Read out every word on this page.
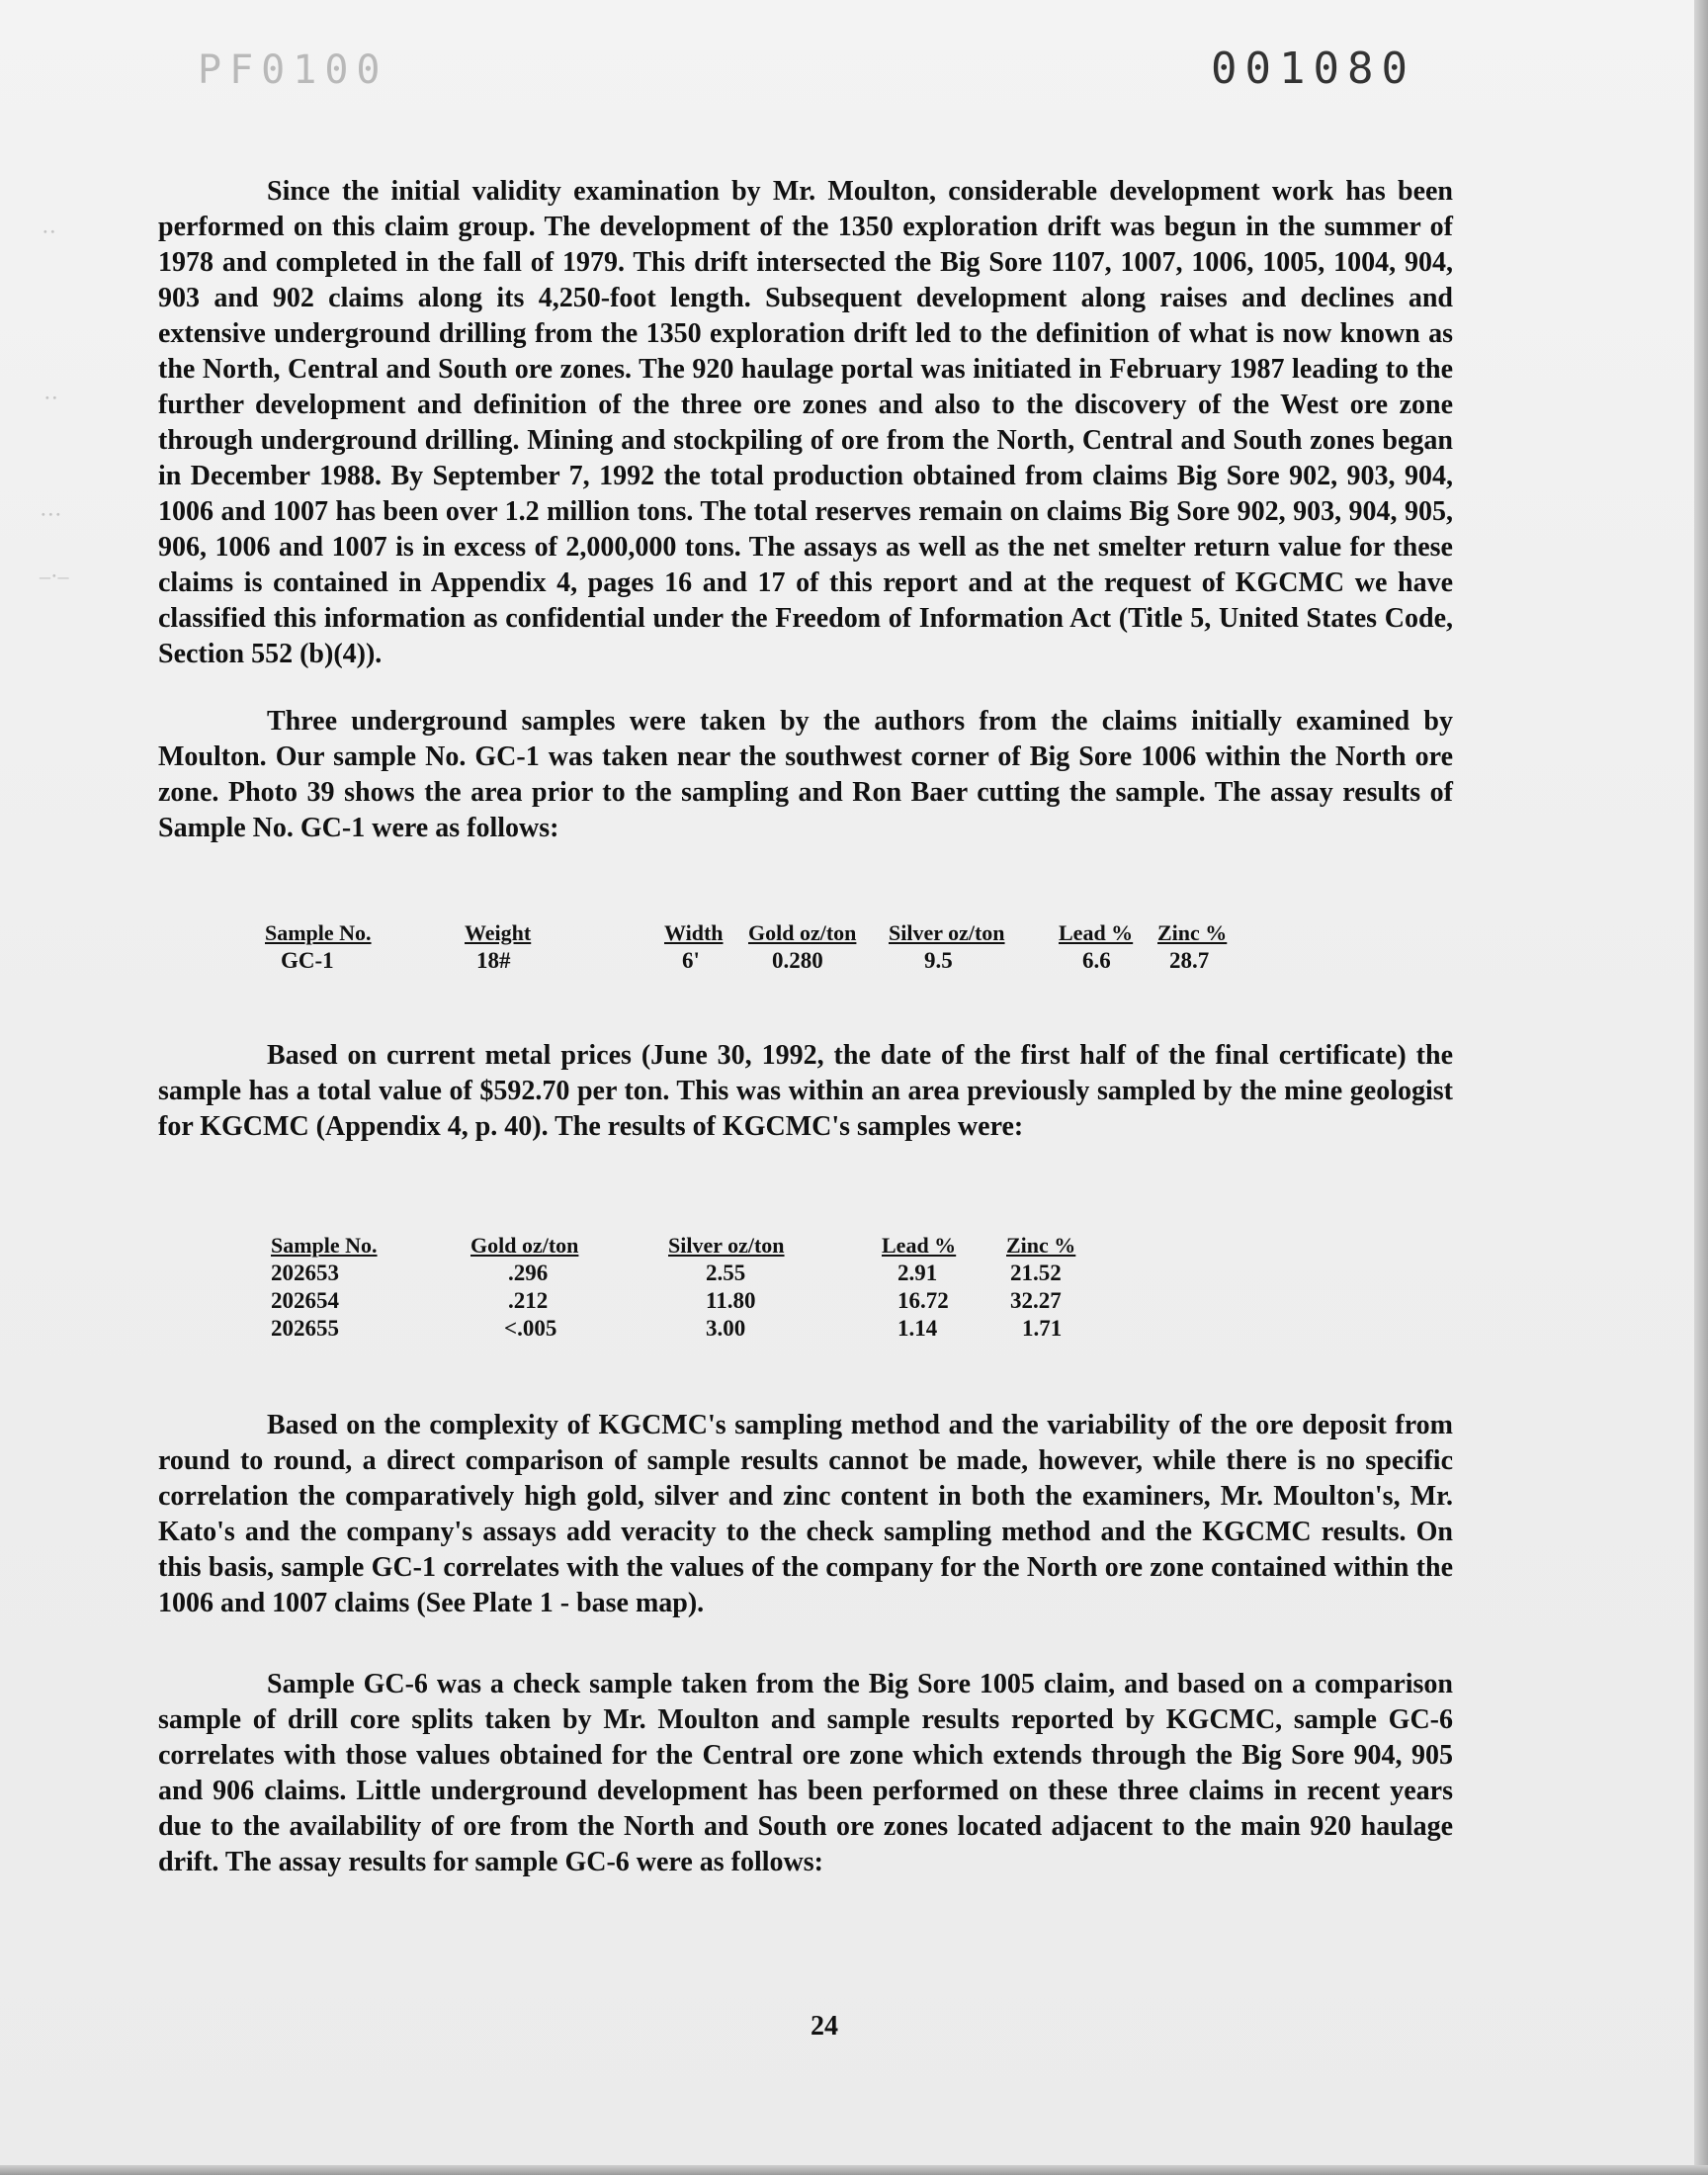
⋅⋅
⋅⋅
⋅⋅⋅
–⋅–
PF0100	001080

Since the initial validity examination by Mr. Moulton, considerable development work has been performed on this claim group. The development of the 1350 exploration drift was begun in the summer of 1978 and completed in the fall of 1979. This drift intersected the Big Sore 1107, 1007, 1006, 1005, 1004, 904, 903 and 902 claims along its 4,250-foot length. Subsequent development along raises and declines and extensive underground drilling from the 1350 exploration drift led to the definition of what is now known as the North, Central and South ore zones. The 920 haulage portal was initiated in February 1987 leading to the further development and definition of the three ore zones and also to the discovery of the West ore zone through underground drilling. Mining and stockpiling of ore from the North, Central and South zones began in December 1988. By September 7, 1992 the total production obtained from claims Big Sore 902, 903, 904, 1006 and 1007 has been over 1.2 million tons. The total reserves remain on claims Big Sore 902, 903, 904, 905, 906, 1006 and 1007 is in excess of 2,000,000 tons. The assays as well as the net smelter return value for these claims is contained in Appendix 4, pages 16 and 17 of this report and at the request of KGCMC we have classified this information as confidential under the Freedom of Information Act (Title 5, United States Code, Section 552 (b)(4)).

Three underground samples were taken by the authors from the claims initially examined by Moulton. Our sample No. GC-1 was taken near the southwest corner of Big Sore 1006 within the North ore zone. Photo 39 shows the area prior to the sampling and Ron Baer cutting the sample. The assay results of Sample No. GC-1 were as follows:

Sample No.	Weight	Width	Gold oz/ton	Silver oz/ton	Lead %	Zinc %
GC-1	18#	6'	0.280	9.5	6.6	28.7

Based on current metal prices (June 30, 1992, the date of the first half of the final certificate) the sample has a total value of $592.70 per ton. This was within an area previously sampled by the mine geologist for KGCMC (Appendix 4, p. 40). The results of KGCMC's samples were:

Sample No.	Gold oz/ton	Silver oz/ton	Lead %	Zinc %
202653	.296	2.55	2.91	21.52
202654	.212	11.80	16.72	32.27
202655	<.005	3.00	1.14	1.71

Based on the complexity of KGCMC's sampling method and the variability of the ore deposit from round to round, a direct comparison of sample results cannot be made, however, while there is no specific correlation the comparatively high gold, silver and zinc content in both the examiners, Mr. Moulton's, Mr. Kato's and the company's assays add veracity to the check sampling method and the KGCMC results. On this basis, sample GC-1 correlates with the values of the company for the North ore zone contained within the 1006 and 1007 claims (See Plate 1 - base map).

Sample GC-6 was a check sample taken from the Big Sore 1005 claim, and based on a comparison sample of drill core splits taken by Mr. Moulton and sample results reported by KGCMC, sample GC-6 correlates with those values obtained for the Central ore zone which extends through the Big Sore 904, 905 and 906 claims. Little underground development has been performed on these three claims in recent years due to the availability of ore from the North and South ore zones located adjacent to the main 920 haulage drift. The assay results for sample GC-6 were as follows:

24
